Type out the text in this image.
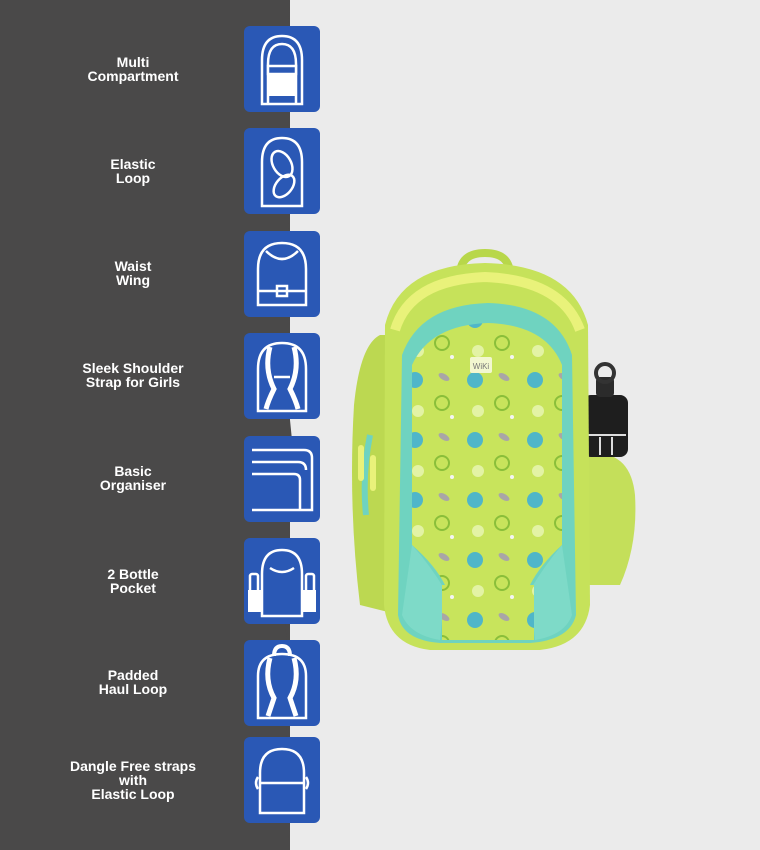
Multi
Compartment
Elastic
Loop
Waist
Wing
Sleek Shoulder
Strap for Girls
Basic
Organiser
2 Bottle
Pocket
Padded
Haul Loop
Dangle Free straps
with
Elastic Loop
WiKi
